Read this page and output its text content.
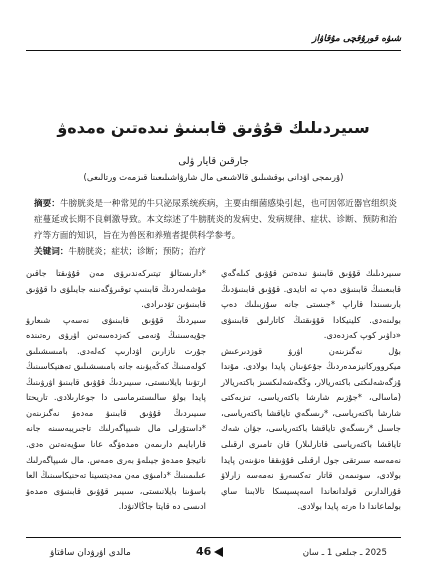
شىۋە قورۇقچى مۇقاۋاز
سىيردىلىك قۇۋىق قابىنىۋ نىدەتىن ەمدەۋ
جارقىن قايار ۋلى
(ۇرىمجى اۋدانى بوقشىلىق قالاشىعى مال شارۋاشىلىعىنا قىزمەت ورتالىعى)
摘要：牛膀胱炎是一种常见的牛只泌尿系统疾病，主要由细菌感染引起，也可因邻近器官组织炎症蔓延或长期不良刺激导致。本文综述了牛膀胱炎的发病史、发病规律、症状、诊断、预防和治疗等方面的知识，旨在为兽医和养殖者提供科学参考。
关键词：牛膀胱炎；症状；诊断；预防；治疗

سىيردىلىك قۇۋىق قابىنىۋ نىدەتىن قۇۋىق كىلەگەي قابىعىنىڭ قابىنىۋى دەپ تە اتايدى. قۇۋىق قابىنىۋدىڭ بارىسىندا قاراپ *جىستى جانە سۇزبىلىك دەپ بولىنەدى. كلينيكادا قۇۋىقتىڭ كاتارلىق قابىنىۋى «داۋىر كوپ كەزدەدى.

بۇل نەگىزىنەن اۋرۋ قوزدىرعىش ميكرووركانيزمدەردىڭ جۇعۋىنان پايدا بولادى. مۇندا ۇزگەشەلىكتى باكتەريالار، وڭگەشەلىكسىز باكتەريالار (ماسالى، *جۇزىم شارشا باكتەرياسى، تىزبەكتى شارشا باكتەرياسى، *رىسگەي تاياقشا باكتەرياسى، جاسىل *رىسگەي تاياقشا باكتەرياسى، جۋان شەك تاياقشا باكتەرياسى قاتارلىلار) قان تامىرى ارقىلى نەمەسە سىرتقى جول ارقىلى قۇۋىققا ەنۋىنەن پايدا بولادى، سونىمەن قاتار تەكسەرۋ نەمەسە زارلاۋ قۇرالدارىن قولدانعاندا اسەپسيسكا تالابىنا ساي بولماعاندا دا ەرتە پايدا بولادى.

*دارىستالۋ تيتىركەندىرۋى مەن قۇۋىقتا جاقىن مۇشەلەردىڭ قابىنىپ توقىرۋگەنىنە جايىلۋى دا قۇۋىق قابىنىۋىن تۋدىرادى.

سىيردىڭ قۇۋىق قابىنىۋى نەسەپ شىعارۋ جۇيەسىنىڭ ۇنەمى كەزدەسەتىن اۋرۋى رەتىندە جۇرت نازارىن اۋدارىپ كەلەدى. بامىسشىلىق كولەمىنىڭ كەڭەيۋىنە جانە بامىسشىلىق تەھنيكاسىنىڭ ارتۋىنا بايلانىستى، سىيىردىڭ قۇۋىق قابىنىۋ اۋرۋىنىڭ پايدا بولۋ سالىستىرماسى دا جوعارىلادى. تاريحتا سىيىردىڭ قۇۋىق قابىنىۋ مەدەۋ نەگىزىنەن *داستۇرلى مال شىيپاگەرلىك تاجىريبەسىنە جانە قارابايىم دارىمەن ەمدەۋگە عانا سۇيەنەتىن ەدى. ناتيجۇ ەمدەۋ جيىلەۋ بەرى ەمەس. مال شىيپاگەرلىك عىلىمىنىڭ *دامىۋى مەن مەديتسينا تەحنيكاسىنىڭ العا باسۋىنا بايلانىستى، سىيىر قۇۋىق قابىنىۋى ەمدەۋ ادىسى دە قايتا جاڭالانۋدا.

مالدى اۋرۋدان ساقتاۋ	46	2025 ـ جىلعى 1 ـ سان
